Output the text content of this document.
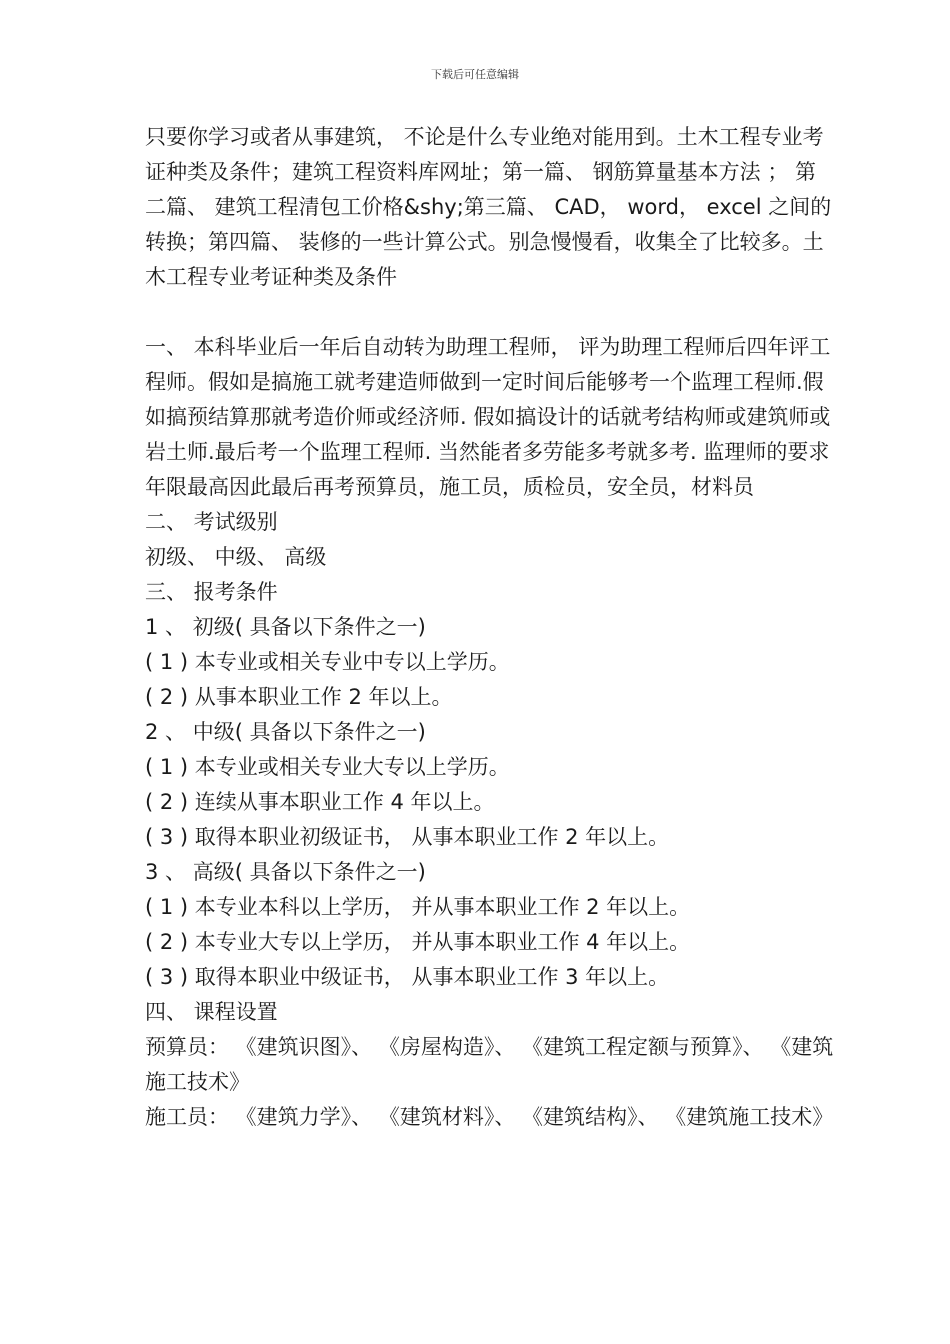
下载后可任意编辑

只要你学习或者从事建筑， 不论是什么专业绝对能用到。土木工程专业考证种类及条件；建筑工程资料库网址；第一篇、 钢筋算量基本方法 ； 第二篇、 建筑工程清包工价格&shy;第三篇、 CAD， word， excel 之间的转换；第四篇、 装修的一些计算公式。别急慢慢看，收集全了比较多。土木工程专业考证种类及条件

一、 本科毕业后一年后自动转为助理工程师， 评为助理工程师后四年评工程师。假如是搞施工就考建造师做到一定时间后能够考一个监理工程师.假如搞预结算那就考造价师或经济师. 假如搞设计的话就考结构师或建筑师或岩土师.最后考一个监理工程师. 当然能者多劳能多考就多考. 监理师的要求年限最高因此最后再考预算员，施工员，质检员，安全员，材料员

二、 考试级别

初级、 中级、 高级

三、 报考条件

1 、 初级( 具备以下条件之一)

( 1 ) 本专业或相关专业中专以上学历。

( 2 ) 从事本职业工作 2 年以上。

2 、 中级( 具备以下条件之一)

( 1 ) 本专业或相关专业大专以上学历。

( 2 ) 连续从事本职业工作 4 年以上。

( 3 ) 取得本职业初级证书， 从事本职业工作 2 年以上。

3 、 高级( 具备以下条件之一)

( 1 ) 本专业本科以上学历， 并从事本职业工作 2 年以上。

( 2 ) 本专业大专以上学历， 并从事本职业工作 4 年以上。

( 3 ) 取得本职业中级证书， 从事本职业工作 3 年以上。

四、 课程设置

预算员： 《建筑识图》、 《房屋构造》、 《建筑工程定额与预算》、 《建筑施工技术》

施工员： 《建筑力学》、 《建筑材料》、 《建筑结构》、 《建筑施工技术》
